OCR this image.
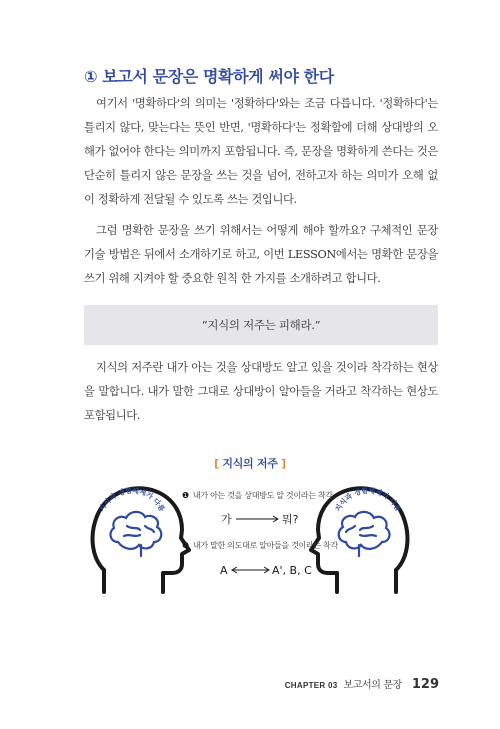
① 보고서 문장은 명확하게 써야 한다

여기서 '명확하다'의 의미는 '정확하다'와는 조금 다릅니다. '정확하다'는 틀리지 않다, 맞는다는 뜻인 반면, '명확하다'는 정확함에 더해 상대방의 오해가 없어야 한다는 의미까지 포함됩니다. 즉, 문장을 명확하게 쓴다는 것은 단순히 틀리지 않은 문장을 쓰는 것을 넘어, 전하고자 하는 의미가 오해 없이 정확하게 전달될 수 있도록 쓰는 것입니다.

그럼 명확한 문장을 쓰기 위해서는 어떻게 해야 할까요? 구체적인 문장 기술 방법은 뒤에서 소개하기로 하고, 이번 LESSON에서는 명확한 문장을 쓰기 위해 지켜야 할 중요한 원칙 한 가지를 소개하려고 합니다.

“지식의 저주는 피해라.”

지식의 저주란 내가 아는 것을 상대방도 알고 있을 것이라 착각하는 현상을 말합니다. 내가 말한 그대로 상대방이 알아들을 거라고 착각하는 현상도 포함됩니다.

[ 지식의 저주 ]
지식과 경험체계가 다름	지식과 경험체계가 다름
❶ 내가 아는 것을 상대방도 알 것이라는 착각
가	뭐?
❷ 내가 말한 의도대로 알아들을 것이라는 착각
A	A', B, C
CHAPTER 03 보고서의 문장 129
